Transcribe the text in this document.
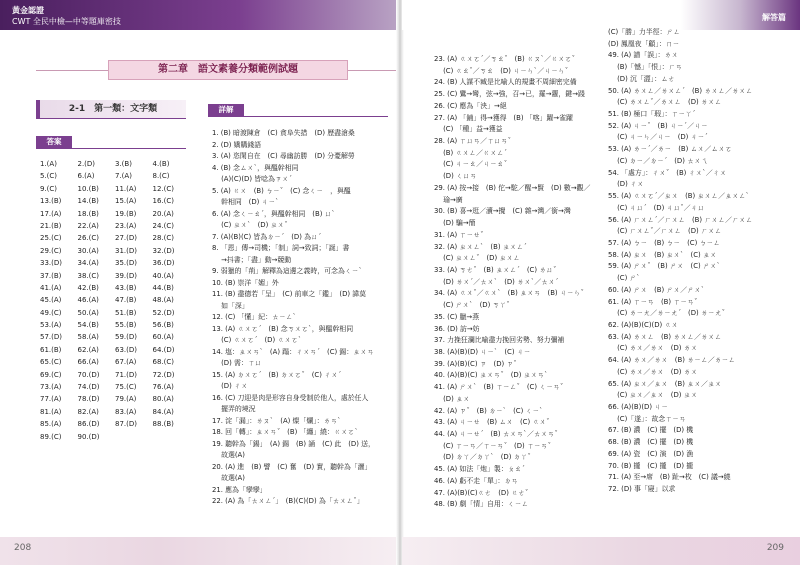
黃金認證
CWT 全民中檢—中等題庫密技
第二章　語文素養分類範例試題
2-1　第一類：文字類
答案
1.(A)	2.(D)	3.(B)	4.(B)
5.(C)	6.(A)	7.(A)	8.(C)
9.(C)	10.(B)	11.(A)	12.(C)
13.(B)	14.(B)	15.(A)	16.(C)
17.(A)	18.(B)	19.(B)	20.(A)
21.(B)	22.(A)	23.(A)	24.(C)
25.(C)	26.(C)	27.(D)	28.(C)
29.(C)	30.(A)	31.(D)	32.(D)
33.(D)	34.(A)	35.(D)	36.(D)
37.(B)	38.(C)	39.(D)	40.(A)
41.(A)	42.(B)	43.(B)	44.(B)
45.(A)	46.(A)	47.(B)	48.(A)
49.(C)	50.(A)	51.(B)	52.(D)
53.(A)	54.(B)	55.(B)	56.(B)
57.(D)	58.(A)	59.(D)	60.(A)
61.(B)	62.(A)	63.(D)	64.(D)
65.(C)	66.(A)	67.(A)	68.(C)
69.(C)	70.(D)	71.(D)	72.(D)
73.(A)	74.(D)	75.(C)	76.(A)
77.(A)	78.(D)	79.(A)	80.(A)
81.(A)	82.(A)	83.(A)	84.(A)
85.(A)	86.(D)	87.(D)	88.(B)
89.(C)	90.(D)
詳解
1. (B) 暗渡陳倉　(C) 貪阜失措　(D) 歷盡滄桑
2. (D) 嬌購錢語
3. (A) 恣閑自在　(C) 尋幽訪勝　(D) 分憂解勞
4. (B) 念ㄙㄨˋ，與醞幹相同
　 (A)(C)(D) 皆唸為ㄗㄨˊ
5. (A) ㄍㄨ　(B) ㄅㄧˇ　(C) 念ㄑㄧ　，與醞
　 幹相同　(D) ㄐㄧˋ
6. (A) 念ㄑㄧㄠˊ，與醞幹相同　(B) ㄩˋ
　 (C) ㄓㄨˋ　(D) ㄓㄨˇ
7. (A)(B)(C) 皆為ㄉㄧˊ　(D) 為ㄩˊ
8. 「恩」傳→司機；「制」詞→致詞；「誕」書
　 →抖書；「盡」動→競動
9. 弱獵的「荊」解釋為這邊之義時，可念為ㄑㄧˋ
10. (B) 崇洋「媚」外
11. (B) 盡德若「呈」　(C) 前車之「鑑」　(D) 諱莫
　 如「深」
12. (C) 「懂」紀：ㄊㄧㄥˋ
13. (A) ㄍㄨㄛˊ　(B) 念ㄎㄨㄛˋ，與醞幹相同
　 (C) ㄍㄨㄛˊ　(D) ㄍㄨㄛˋ
14. 塩：ㄓㄨㄢˋ　(A) 蹋：ㄔㄨㄢˊ　(C) 錫：ㄓㄨㄢ
　 (D) 需：ㄒㄩ
15. (A) ㄉㄨㄛˊ　(B) ㄉㄨㄛˇ　(C) ㄔㄨˊ
　 (D) ㄔㄨ
16. (C) 刀迎是肉是形容自身受制於他人，處於任人
　 擺弄的境況
17. 淀「漏」：ㄌㄡˋ　(A) 燦「爛」：ㄌㄢˋ
18. 回「轉」：ㄓㄨㄢˇ　(B) 「纏」繞：ㄍㄨㄛˋ
19. 聽幹為「錫」　(A) 錫　(B) 誦　(C) 此　(D) 送，
　 故選(A)
20. (A) 進　(B) 譬　(C) 奮　(D) 實，聽幹為「灑」
　 故選(A)
21. 應為「孿孿」
22. (A) 為「ㄊㄨㄥˊ」　(B)(C)(D) 為「ㄊㄨㄥˇ」
208
解答篇
23. (A) ㄍㄨㄛˊ／ㄎㄠˇ　(B) ㄍㄡˋ／ㄍㄨㄛˇ
　 (C) ㄍㄠˇ／ㄎㄠ　(D) ㄐㄧㄣˋ／ㄐㄧㄣˇ
24. (B) 人謀不臧是比喻人的規畫不周細密完備
25. (C) 鸞→彎，弦→強，召→已，羅→蘿，鍵→踐
26. (C) 應為「泱」→絕
27. (A) 「鋪」得→獲得　(B) 「喀」躍→雀躍
　 (C) 「種」益→獲益
28. (A) ㄒㄩㄢ／ㄒㄩㄢˇ
　 (B) ㄍㄨㄥ／ㄍㄨㄥˊ
　 (C) ㄐㄧㄠ／ㄐㄧㄠˇ
　 (D) ㄑㄩㄢ
29. (A) 按→接　(B) 佗→駝／醒→賢　(D) 數→觀／
　 瑜→廣
30. (B) 喜→逛／瀆→攪　(C) 雜→灣／銜→灣
　 (D) 騙→簡
31. (A) ㄒㄧㄝˇ
32. (A) ㄓㄨㄥˋ　(B) ㄓㄨㄥˊ
　 (C) ㄓㄨㄥˇ　(D) ㄓㄨㄥ
33. (A) ㄎㄜˇ　(B) ㄓㄨㄥˊ　(C) ㄌㄩˇ
　 (D) ㄌㄨˊ／ㄊㄨˋ　(D) ㄌㄨˋ／ㄊㄨˊ
34. (A) ㄍㄨˇ／ㄍㄨˋ　(B) ㄓㄨㄢ　(B) ㄐㄧㄣˇ
　 (C) ㄕㄨˋ　(D) ㄎㄚˇ
35. (C) 臘→燕
36. (D) 訪→妨
37. 力挽狂瀾比喻盡力挽回劣勢、努力彌補
38. (A)(B)(D) ㄐㄧˋ　(C) ㄐㄧ
39. (A)(B)(C) ㄗ　(D) ㄗˇ
40. (A)(B)(C) ㄓㄨㄢˇ　(D) ㄓㄨㄢˋ
41. (A) ㄕㄨˋ　(B) ㄒㄧㄥˇ　(C) ㄑㄧㄢˇ
　 (D) ㄓㄨ
42. (A) ㄗˇ　(B) ㄉㄧˋ　(C) ㄑㄧˋ
43. (A) ㄐㄧㄝ　(B) ㄙㄨ　(C) ㄍㄨˇ
44. (A) ㄐㄧㄝˊ　(B) ㄊㄨㄢˋ／ㄊㄨㄢˇ
　 (C) ㄒㄧㄢ／ㄒㄧㄢˇ　(D) ㄒㄧㄢˇ
　 (D) ㄉㄚ／ㄉㄚˋ　(D) ㄉㄚˇ
45. (A) 如法「炮」製：ㄆㄠˊ
46. (A) 虧不走「單」：ㄉㄢ
47. (A)(B)(C)ㄍㄜ　(D) ㄍㄜˇ
48. (B) 劇「情」自用：ㄑㄧㄥ
(C)「勝」力半徑：ㄕㄥ
(D) 鳳凰夜「顧」：ㄇㄧ
49. (A) 譜「誤」：ㄌㄨ
　 (B)「憾」「恨」：ㄏㄢ
　 (D) 沉「澀」：ㄙㄜ
50. (A) ㄌㄨㄥ／ㄌㄨㄥˊ　(B) ㄌㄨㄥ／ㄌㄨㄥ
　 (C) ㄌㄨㄥˇ／ㄌㄨㄥ　(D) ㄌㄨㄥ
51. (B) 極口「瑕」：ㄒㄧㄚˊ
52. (A) ㄐㄧˇ　(B) ㄐㄧˊ／ㄐㄧ
　 (C) ㄐㄧㄣ／ㄐㄧ　(D) ㄐㄧˊ
53. (A) ㄌㄧˊ／ㄌㄧ　(B) ㄙㄨ／ㄙㄨㄛ
　 (C) ㄉㄧ／ㄉㄧˊ　(D) ㄊㄨㄟ
54. 「處方」：ㄔㄨˇ　(B) ㄔㄨˋ／ㄔㄨ
　 (D) ㄔㄨ
55. (A) ㄍㄨㄛˊ／ㄓㄨ　(B) ㄓㄨㄥ／ㄓㄨㄥˋ
　 (C) ㄐㄩˊ　(D) ㄐㄩˇ／ㄐㄩ
56. (A) ㄏㄨㄥˊ／ㄏㄨㄥ　(B) ㄏㄨㄥ／ㄏㄨㄥ
　 (C) ㄏㄨㄥˇ／ㄏㄨㄥ　(D) ㄏㄨㄥ
57. (A) ㄅㄧ　(B) ㄅㄧ　(C) ㄅㄧㄥ
58. (A) ㄓㄨ　(B) ㄓㄨˋ　(C) ㄓㄨ
59. (A) ㄕㄨˇ　(B) ㄕㄨ　(C) ㄕㄨˋ
　 (C) ㄕˋ
60. (A) ㄕㄨ　(B) ㄕㄨ／ㄕㄨˋ
61. (A) ㄒㄧㄢ　(B) ㄒㄧㄢˇ
　 (C) ㄌㄧㄤ／ㄌㄧㄤˊ　(D) ㄌㄧㄤˇ
62. (A)(B)(C)(D) ㄍㄨ
63. (A) ㄌㄨㄥ　(B) ㄌㄨㄥ／ㄌㄨㄥ
　 (C) ㄌㄨ／ㄌㄨ　(D) ㄌㄨ
64. (A) ㄌㄨ／ㄌㄨ　(B) ㄌㄧㄥ／ㄌㄧㄥ
　 (C) ㄌㄨ／ㄌㄨ　(D) ㄌㄨ
65. (A) ㄓㄨ／ㄓㄨ　(B) ㄓㄨ／ㄓㄨ
　 (C) ㄓㄨ／ㄓㄨ　(D) ㄓㄨ
66. (A)(B)(D) ㄐㄧ
　 (C)「遂」：故念ㄒㄧㄢ
67. (B) 濃　(C) 擺　(D) 機
68. (B) 濃　(C) 擺　(D) 機
69. (A) 瓷　(C) 演　(D) 漁
70. (B) 攏　(C) 攏　(D) 攏
71. (A) 至→席　(B) 趾→枚　(C) 議→繞
72. (D) 事「寢」以求
209
